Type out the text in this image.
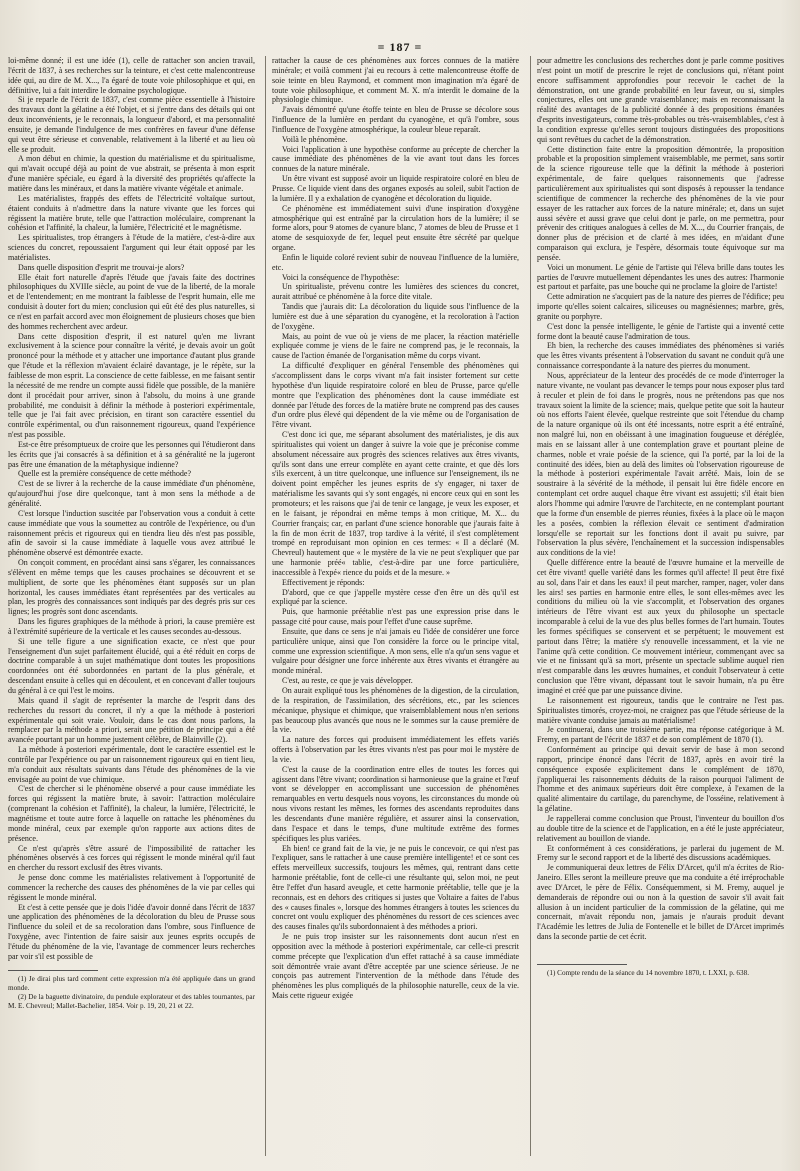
= 187 =

loi-même donné; il est une idée (1), celle de rattacher son ancien travail, l'écrit de 1837, à ses recherches sur la teinture, et c'est cette malencontreuse idée qui, au dire de M. X..., l'a égaré de toute voie philosophique et qui, en définitive, lui a fait interdire le domaine psychologique.

Si je reparle de l'écrit de 1837, c'est comme pièce essentielle à l'histoire des travaux dont la gélatine a été l'objet, et si j'entre dans des détails qui ont deux inconvénients, je le reconnais, la longueur d'abord, et ma personnalité ensuite, je demande l'indulgence de mes confrères en faveur d'une défense qui veut être sérieuse et convenable, relativement à la liberté et au lieu où elle se produit.

A mon début en chimie, la question du matérialisme et du spiritualisme, qui m'avait occupé déjà au point de vue abstrait, se présenta à mon esprit d'une manière spéciale, eu égard à la diversité des propriétés qu'affecte la matière dans les minéraux, et dans la matière vivante végétale et animale.

Les matérialistes, frappés des effets de l'électricité voltaïque surtout, étaient conduits à n'admettre dans la nature vivante que les forces qui régissent la matière brute, telle que l'attraction moléculaire, comprenant la cohésion et l'affinité, la chaleur, la lumière, l'électricité et le magnétisme.

Les spiritualistes, trop étrangers à l'étude de la matière, c'est-à-dire aux sciences du concret, repoussaient l'argument qui leur était opposé par les matérialistes.

Dans quelle disposition d'esprit me trouvai-je alors?

Elle était fort naturelle d'après l'étude que j'avais faite des doctrines philosophiques du XVIIIe siècle, au point de vue de la liberté, de la morale et de l'entendement; en me montrant la faiblesse de l'esprit humain, elle me conduisit à douter fort du mien; conclusion qui eût été des plus naturelles, si ce n'est en parfait accord avec mon éloignement de plusieurs choses que bien des hommes recherchent avec ardeur.

Dans cette disposition d'esprit, il est naturel qu'en me livrant exclusivement à la science pour connaître la vérité, je devais avoir un goût prononcé pour la méthode et y attacher une importance d'autant plus grande que l'étude et la réflexion m'avaient éclairé davantage, je le répète, sur la faiblesse de mon esprit. La conscience de cette faiblesse, en me faisant sentir la nécessité de me rendre un compte aussi fidèle que possible, de la manière dont il procédait pour arriver, sinon à l'absolu, du moins à une grande probabilité, me conduisit à définir la méthode à posteriori expérimentale, telle que je l'ai fait avec précision, en tirant son caractère essentiel du contrôle expérimental, ou d'un raisonnement rigoureux, quand l'expérience n'est pas possible.

Est-ce être présomptueux de croire que les personnes qui l'étudieront dans les écrits que j'ai consacrés à sa définition et à sa généralité ne la jugeront pas être une émanation de la métaphysique indienne?

Quelle est la première conséquence de cette méthode?

C'est de se livrer à la recherche de la cause immédiate d'un phénomène, qu'aujourd'hui j'ose dire quelconque, tant à mon sens la méthode a de généralité.

C'est lorsque l'induction suscitée par l'observation vous a conduit à cette cause immédiate que vous la soumettez au contrôle de l'expérience, ou d'un raisonnement précis et rigoureux qui en tiendra lieu dès n'est pas possible, afin de savoir si la cause immédiate à laquelle vous avez attribué le phénomène observé est démontrée exacte.

On conçoit comment, en procédant ainsi sans s'égarer, les connaissances s'élèvent en même temps que les causes prochaines se découvrent et se multiplient, de sorte que les phénomènes étant supposés sur un plan horizontal, les causes immédiates étant représentées par des verticales au plan, les progrès des connaissances sont indiqués par des degrés pris sur ces lignes; les progrès sont donc ascendants.

Dans les figures graphiques de la méthode à priori, la cause première est à l'extrémité supérieure de la verticale et les causes secondes au-dessous.

Si une telle figure a une signification exacte, ce n'est que pour l'enseignement d'un sujet parfaitement élucidé, qui a été réduit en corps de doctrine comparable à un sujet mathématique dont toutes les propositions coordonnées ont été subordonnées en partant de la plus générale, et descendant ensuite à celles qui en découlent, et en concevant d'aller toujours du général à ce qui l'est le moins.

Mais quand il s'agit de représenter la marche de l'esprit dans des recherches du ressort du concret, il n'y a que la méthode à posteriori expérimentale qui soit vraie. Vouloir, dans le cas dont nous parlons, la remplacer par la méthode a priori, serait une pétition de principe qui a été avancée pourtant par un homme justement célèbre, de Blainville (2).

La méthode à posteriori expérimentale, dont le caractère essentiel est le contrôle par l'expérience ou par un raisonnement rigoureux qui en tient lieu, m'a conduit aux résultats suivants dans l'étude des phénomènes de la vie envisagée au point de vue chimique.

C'est de chercher si le phénomène observé a pour cause immédiate les forces qui régissent la matière brute, à savoir: l'attraction moléculaire (comprenant la cohésion et l'affinité), la chaleur, la lumière, l'électricité, le magnétisme et toute autre force à laquelle on rattache les phénomènes du monde minéral, ceux par exemple qu'on rapporte aux actions dites de présence.

Ce n'est qu'après s'être assuré de l'impossibilité de rattacher les phénomènes observés à ces forces qui régissent le monde minéral qu'il faut en chercher du ressort exclusif des êtres vivants.

Je pense donc comme les matérialistes relativement à l'opportunité de commencer la recherche des causes des phénomènes de la vie par celles qui régissent le monde minéral.

Et c'est à cette pensée que je dois l'idée d'avoir donné dans l'écrit de 1837 une application des phénomènes de la décoloration du bleu de Prusse sous l'influence du soleil et de sa recoloration dans l'ombre, sous l'influence de l'oxygène, avec l'intention de faire saisir aux jeunes esprits occupés de l'étude du phénomène de la vie, l'avantage de commencer leurs recherches par voir s'il est possible de

(1) Je dirai plus tard comment cette expression m'a été appliquée dans un grand monde.

(2) De la baguette divinatoire, du pendule explorateur et des tables tournantes, par M. E. Chevreul; Mallet-Bachelier, 1854. Voir p. 19, 20, 21 et 22.

rattacher la cause de ces phénomènes aux forces connues de la matière minérale; et voilà comment j'ai eu recours à cette malencontreuse étoffe de soie teinte en bleu Raymond, et comment mon imagination m'a égaré de toute voie philosophique, et comment M. X. m'a interdit le domaine de la physiologie chimique.

J'avais démontré qu'une étoffe teinte en bleu de Prusse se décolore sous l'influence de la lumière en perdant du cyanogène, et qu'à l'ombre, sous l'influence de l'oxygène atmosphérique, la couleur bleue reparaît.

Voilà le phénomène.

Voici l'application à une hypothèse conforme au précepte de chercher la cause immédiate des phénomènes de la vie avant tout dans les forces connues de la nature minérale.

Un être vivant est supposé avoir un liquide respiratoire coloré en bleu de Prusse. Ce liquide vient dans des organes exposés au soleil, subit l'action de la lumière. Il y a exhalation de cyanogène et décoloration du liquide.

Ce phénomène est immédiatement suivi d'une inspiration d'oxygène atmosphérique qui est entraîné par la circulation hors de la lumière; il se forme alors, pour 9 atomes de cyanure blanc, 7 atomes de bleu de Prusse et 1 atome de sesquioxyde de fer, lequel peut ensuite être sécrété par quelque organe.

Enfin le liquide coloré revient subir de nouveau l'influence de la lumière, etc.

Voici la conséquence de l'hypothèse:

Un spiritualiste, prévenu contre les lumières des sciences du concret, aurait attribué ce phénomène à la force dite vitale.

Tandis que j'aurais dit: La décoloration du liquide sous l'influence de la lumière est due à une séparation du cyanogène, et la recoloration à l'action de l'oxygène.

Mais, au point de vue où je viens de me placer, la réaction matérielle expliquée comme je viens de le faire ne comprend pas, je le reconnais, la cause de l'action émanée de l'organisation même du corps vivant.

La difficulté d'expliquer en général l'ensemble des phénomènes qui s'accomplissent dans le corps vivant m'a fait insister fortement sur cette hypothèse d'un liquide respiratoire coloré en bleu de Prusse, parce qu'elle montre que l'explication des phénomènes dont la cause immédiate est donnée par l'étude des forces de la matière brute ne comprend pas des causes d'un ordre plus élevé qui dépendent de la vie même ou de l'organisation de l'être vivant.

C'est donc ici que, me séparant absolument des matérialistes, je dis aux spiritualistes qui voient un danger à suivre la voie que je préconise comme absolument nécessaire aux progrès des sciences relatives aux êtres vivants, qu'ils sont dans une erreur complète en ayant cette crainte, et que dès lors s'ils exercent, à un titre quelconque, une influence sur l'enseignement, ils ne doivent point empêcher les jeunes esprits de s'y engager, ni taxer de matérialisme les savants qui s'y sont engagés, ni encore ceux qui en sont les promoteurs; et les raisons que j'ai de tenir ce langage, je veux les exposer, et en le faisant, je répondrai en même temps à mon critique, M. X... du Courrier français; car, en parlant d'une science honorable que j'aurais faite à la fin de mon écrit de 1837, trop tardive à la vérité, il s'est complètement trompé en reproduisant mon opinion en ces termes: « Il a déclaré (M. Chevreul) hautement que « le mystère de la vie ne peut s'expliquer que par une harmonie préé« tablie, c'est-à-dire par une force particulière, inaccessible à l'expé« rience du poids et de la mesure. »

Effectivement je réponds:

D'abord, que ce que j'appelle mystère cesse d'en être un dès qu'il est expliqué par la science.

Puis, que harmonie préétablie n'est pas une expression prise dans le passage cité pour cause, mais pour l'effet d'une cause suprême.

Ensuite, que dans ce sens je n'ai jamais eu l'idée de considérer une force particulière unique, ainsi que l'on considère la force ou le principe vital, comme une expression scientifique. A mon sens, elle n'a qu'un sens vague et vulgaire pour désigner une force inhérente aux êtres vivants et étrangère au monde minéral.

C'est, au reste, ce que je vais développer.

On aurait expliqué tous les phénomènes de la digestion, de la circulation, de la respiration, de l'assimilation, des sécrétions, etc., par les sciences mécanique, physique et chimique, que vraisemblablement nous n'en serions pas beaucoup plus avancés que nous ne le sommes sur la cause première de la vie.

La nature des forces qui produisent immédiatement les effets variés offerts à l'observation par les êtres vivants n'est pas pour moi le mystère de la vie.

C'est la cause de la coordination entre elles de toutes les forces qui agissent dans l'être vivant; coordination si harmonieuse que la graine et l'œuf vont se développer en accomplissant une succession de phénomènes remarquables en vertu desquels nous voyons, les circonstances du monde où nous vivons restant les mêmes, les formes des ascendants reproduites dans les descendants d'une manière régulière, et assurer ainsi la conservation, dans l'espace et dans le temps, d'une multitude extrême des formes spécifiques les plus variées.

Eh bien! ce grand fait de la vie, je ne puis le concevoir, ce qui n'est pas l'expliquer, sans le rattacher à une cause première intelligente! et ce sont ces effets merveilleux successifs, toujours les mêmes, qui, rentrant dans cette harmonie préétablie, font de celle-ci une résultante qui, selon moi, ne peut être l'effet d'un hasard aveugle, et cette harmonie préétablie, telle que je la reconnais, est en dehors des critiques si justes que Voltaire a faites de l'abus des « causes finales », lorsque des hommes étrangers à toutes les sciences du concret ont voulu expliquer des phénomènes du ressort de ces sciences avec des causes finales qu'ils subordonnaient à des méthodes a priori.

Je ne puis trop insister sur les raisonnements dont aucun n'est en opposition avec la méthode à posteriori expérimentale, car celle-ci prescrit comme précepte que l'explication d'un effet rattaché à sa cause immédiate soit démontrée vraie avant d'être acceptée par une science sérieuse. Je ne conçois pas autrement l'intervention de la méthode dans l'étude des phénomènes les plus compliqués de la philosophie naturelle, ceux de la vie. Mais cette rigueur exigée

pour admettre les conclusions des recherches dont je parle comme positives n'est point un motif de prescrire le rejet de conclusions qui, n'étant point encore suffisamment approfondies pour recevoir le cachet de la démonstration, ont une grande probabilité en leur faveur, ou si, simples conjectures, elles ont une grande vraisemblance; mais en reconnaissant la réalité des avantages de la publicité donnée à des propositions émanées d'esprits investigateurs, comme très-probables ou très-vraisemblables, c'est à la condition expresse qu'elles seront toujours distinguées des propositions qui sont revêtues du cachet de la démonstration.

Cette distinction faite entre la proposition démontrée, la proposition probable et la proposition simplement vraisemblable, me permet, sans sortir de la science rigoureuse telle que la définit la méthode à posteriori expérimentale, de faire quelques raisonnements que j'adresse particulièrement aux spiritualistes qui sont disposés à repousser la tendance scientifique de commencer la recherche des phénomènes de la vie pour essayer de les rattacher aux forces de la nature minérale; et, dans un sujet aussi sévère et aussi grave que celui dont je parle, on me permettra, pour prévenir des critiques analogues à celles de M. X..., du Courrier français, de donner plus de précision et de clarté à mes idées, en m'aidant d'une comparaison qui exclura, je l'espère, désormais toute équivoque sur ma pensée.

Voici un monument. Le génie de l'artiste qui l'éleva brille dans toutes les parties de l'œuvre mutuellement dépendantes les unes des autres: l'harmonie est partout et parfaite, pas une bouche qui ne proclame la gloire de l'artiste!

Cette admiration ne s'acquiert pas de la nature des pierres de l'édifice; peu importe qu'elles soient calcaires, siliceuses ou magnésiennes; marbre, grès, granite ou porphyre.

C'est donc la pensée intelligente, le génie de l'artiste qui a inventé cette forme dont la beauté cause l'admiration de tous.

Eh bien, la recherche des causes immédiates des phénomènes si variés que les êtres vivants présentent à l'observation du savant ne conduit qu'à une connaissance correspondante à la nature des pierres du monument.

Nous, appréciateur de la lenteur des procédés de ce mode d'interroger la nature vivante, ne voulant pas devancer le temps pour nous exposer plus tard à reculer et plein de foi dans le progrès, nous ne prétendons pas que nos travaux soient la limite de la science; mais, quelque petite que soit la hauteur où nos efforts l'aient élevée, quelque restreinte que soit l'étendue du champ de la nature organique où ils ont été incessants, notre esprit a été entraîné, non malgré lui, non en obéissant à une imagination fougueuse et déréglée, mais en se laissant aller à une contemplation grave et pourtant pleine de charmes, noble et vraie poésie de la science, qui l'a porté, par la loi de la continuité des idées, bien au delà des limites où l'observation rigoureuse de la méthode à posteriori expérimentale l'avait arrêté. Mais, loin de se soustraire à la sévérité de la méthode, il pensait lui être fidèle encore en contemplant cet ordre auquel chaque être vivant est assujetti; s'il était bien alors l'homme qui admire l'œuvre de l'architecte, en ne contemplant pourtant que la forme d'un ensemble de pierres réunies, fixées à la place où le maçon les a posées, combien la réflexion élevait ce sentiment d'admiration lorsqu'elle se reportait sur les fonctions dont il avait pu suivre, par l'observation la plus sévère, l'enchaînement et la succession indispensables aux conditions de la vie!

Quelle différence entre la beauté de l'œuvre humaine et la merveille de cet être vivant! quelle variété dans les formes qu'il affecte! Il peut être fixé au sol, dans l'air et dans les eaux! il peut marcher, ramper, nager, voler dans les airs! ses parties en harmonie entre elles, le sont elles-mêmes avec les conditions du milieu où la vie s'accomplit, et l'observation des organes intérieurs de l'être vivant est aux yeux du philosophe un spectacle incomparable à celui de la vue des plus belles formes de l'art humain. Toutes les formes spécifiques se conservent et se perpétuent; le mouvement est partout dans l'être; la matière s'y renouvelle incessamment, et la vie ne l'anime qu'à cette condition. Ce mouvement intérieur, commençant avec sa vie et ne finissant qu'à sa mort, présente un spectacle sublime auquel rien n'est comparable dans les œuvres humaines, et conduit l'observateur à cette conclusion que l'être vivant, dépassant tout le savoir humain, n'a pu être imaginé et créé que par une puissance divine.

Le raisonnement est rigoureux, tandis que le contraire ne l'est pas. Spiritualistes timorés, croyez-moi, ne craignez pas que l'étude sérieuse de la matière vivante conduise jamais au matérialisme!

Je continuerai, dans une troisième partie, ma réponse catégorique à M. Fremy, en partant de l'écrit de 1837 et de son complément de 1870 (1).

Conformément au principe qui devait servir de base à mon second rapport, principe énoncé dans l'écrit de 1837, après en avoir tiré la conséquence exposée explicitement dans le complément de 1870, j'appliquerai les raisonnements déduits de la raison pourquoi l'aliment de l'homme et des animaux supérieurs doit être complexe, à l'examen de la qualité alimentaire du cartilage, du parenchyme, de l'osséine, relativement à la gélatine.

Je rappellerai comme conclusion que Proust, l'inventeur du bouillon d'os au double titre de la science et de l'application, en a été le juste appréciateur, relativement au bouillon de viande.

Et conformément à ces considérations, je parlerai du jugement de M. Fremy sur le second rapport et de la liberté des discussions académiques.

Je communiquerai deux lettres de Félix D'Arcet, qu'il m'a écrites de Rio-Janeiro. Elles seront la meilleure preuve que ma conduite a été irréprochable avec D'Arcet, le père de Félix. Conséquemment, si M. Fremy, auquel je demanderais de répondre oui ou non à la question de savoir s'il avait fait allusion à un incident particulier de la commission de la gélatine, qui me concernait, m'avait répondu non, jamais je n'aurais produit devant l'Académie les lettres de Julia de Fontenelle et le billet de D'Arcet imprimés dans la seconde partie de cet écrit.

(1) Compte rendu de la séance du 14 novembre 1870, t. LXXI, p. 638.
